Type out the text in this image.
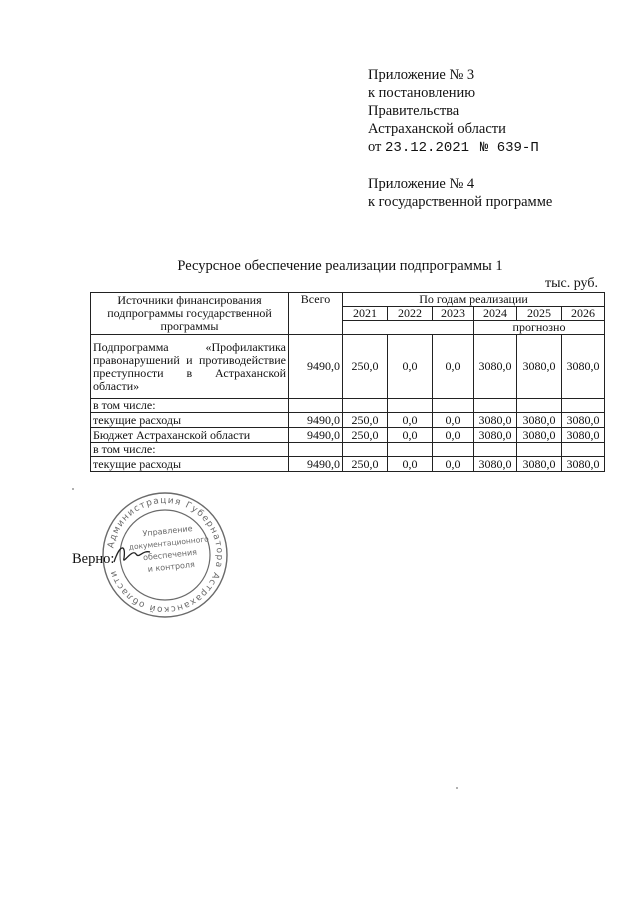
Приложение № 3
к постановлению
Правительства
Астраханской области
от 23.12.2021 № 639-П
Приложение № 4
к государственной программе
Ресурсное обеспечение реализации подпрограммы 1
тыс. руб.
Источники финансирования подпрограммы государственной программы	Всего	По годам реализации					
		2021	2022	2023	2024	2025	2026
					прогнозно		
Подпрограмма «Профилактика правонарушений и противодействие преступности в Астраханской области»	9490,0	250,0	0,0	0,0	3080,0	3080,0	3080,0
в том числе:							
текущие расходы	9490,0	250,0	0,0	0,0	3080,0	3080,0	3080,0
Бюджет Астраханской области	9490,0	250,0	0,0	0,0	3080,0	3080,0	3080,0
в том числе:							
текущие расходы	9490,0	250,0	0,0	0,0	3080,0	3080,0	3080,0
Администрация Губернатора Астраханской области
Управление
документационного
обеспечения
и контроля
Верно:
